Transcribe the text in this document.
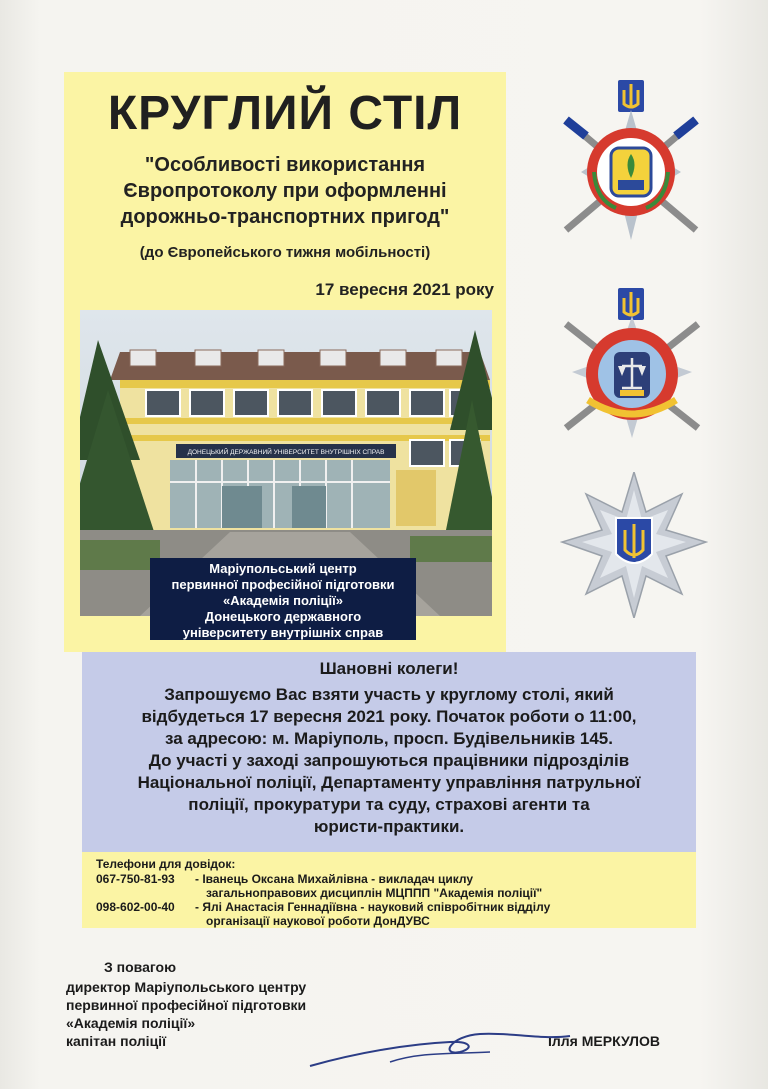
КРУГЛИЙ СТІЛ
"Особливості використання
Європротоколу при оформленні
дорожньо-транспортних пригод"
(до Європейського тижня мобільності)
17 вересня 2021 року
ДОНЕЦЬКИЙ ДЕРЖАВНИЙ УНІВЕРСИТЕТ ВНУТРІШНІХ СПРАВ
Маріупольський центр
первинної професійної підготовки
«Академія поліції»
Донецького державного
університету внутрішніх справ
Шановні колеги!
Запрошуємо Вас взяти участь у круглому столі, який
відбудеться 17 вересня 2021 року. Початок роботи о 11:00,
за адресою: м. Маріуполь, просп. Будівельників 145.
До участі у заході запрошуються працівники підрозділів
Національної поліції, Департаменту управління патрульної
поліції, прокуратури та суду, страхові агенти та
юристи-практики.
Телефони для довідок:
067-750-81-93 - Іванець Оксана Михайлівна - викладач циклу
загальноправових дисциплін МЦППП "Академія поліції"
098-602-00-40 - Ялі Анастасія Геннадіївна - науковий співробітник відділу
організації наукової роботи ДонДУВС
З повагою
директор Маріупольського центру
первинної професійної підготовки
«Академія поліції»
капітан поліції	Ілля МЕРКУЛОВ
